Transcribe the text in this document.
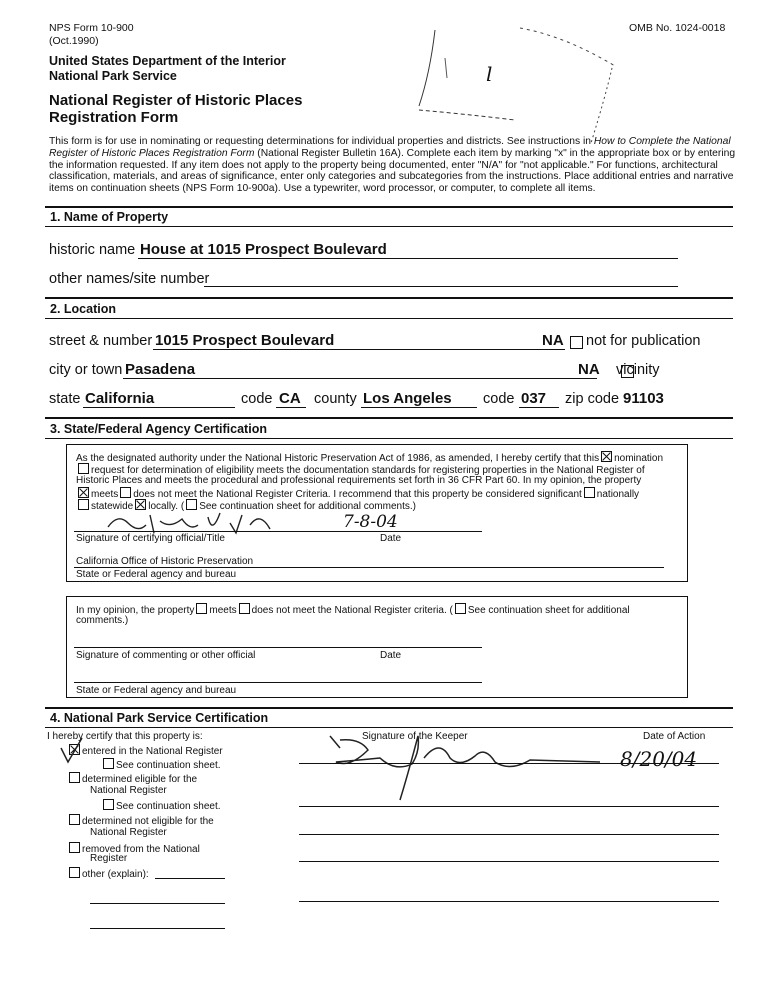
NPS Form 10-900
(Oct.1990)
OMB No. 1024-0018
United States Department of the Interior
National Park Service
National Register of Historic Places
Registration Form
l
This form is for use in nominating or requesting determinations for individual properties and districts. See instructions in How to Complete the National Register of Historic Places Registration Form (National Register Bulletin 16A). Complete each item by marking "x" in the appropriate box or by entering the information requested. If any item does not apply to the property being documented, enter "N/A" for "not applicable." For functions, architectural classification, materials, and areas of significance, enter only categories and subcategories from the instructions. Place additional entries and narrative items on continuation sheets (NPS Form 10-900a). Use a typewriter, word processor, or computer, to complete all items.
1. Name of Property
historic name House at 1015 Prospect Boulevard
other names/site number
2. Location
street & number 1015 Prospect Boulevard	NA
not for publication
city or town Pasadena	NA vicinity
state California	code CA county Los Angeles code 037 zip code 91103
3. State/Federal Agency Certification
As the designated authority under the National Historic Preservation Act of 1986, as amended, I hereby certify that this nomination
request for determination of eligibility meets the documentation standards for registering properties in the National Register of
Historic Places and meets the procedural and professional requirements set forth in 36 CFR Part 60. In my opinion, the property
meets does not meet the National Register Criteria. I recommend that this property be considered significant nationally
statewide locally. ( See continuation sheet for additional comments.)
7-8-04
Signature of certifying official/Title	Date
California Office of Historic Preservation
State or Federal agency and bureau
In my opinion, the property meets does not meet the National Register criteria. ( See continuation sheet for additional
comments.)
Signature of commenting or other official	Date
State or Federal agency and bureau
4. National Park Service Certification
I hereby certify that this property is:
entered in the National Register
See continuation sheet.
determined eligible for the
National Register
See continuation sheet.
determined not eligible for the
National Register
removed from the National
Register
other (explain):
Signature of the Keeper	Date of Action
8/20/04
